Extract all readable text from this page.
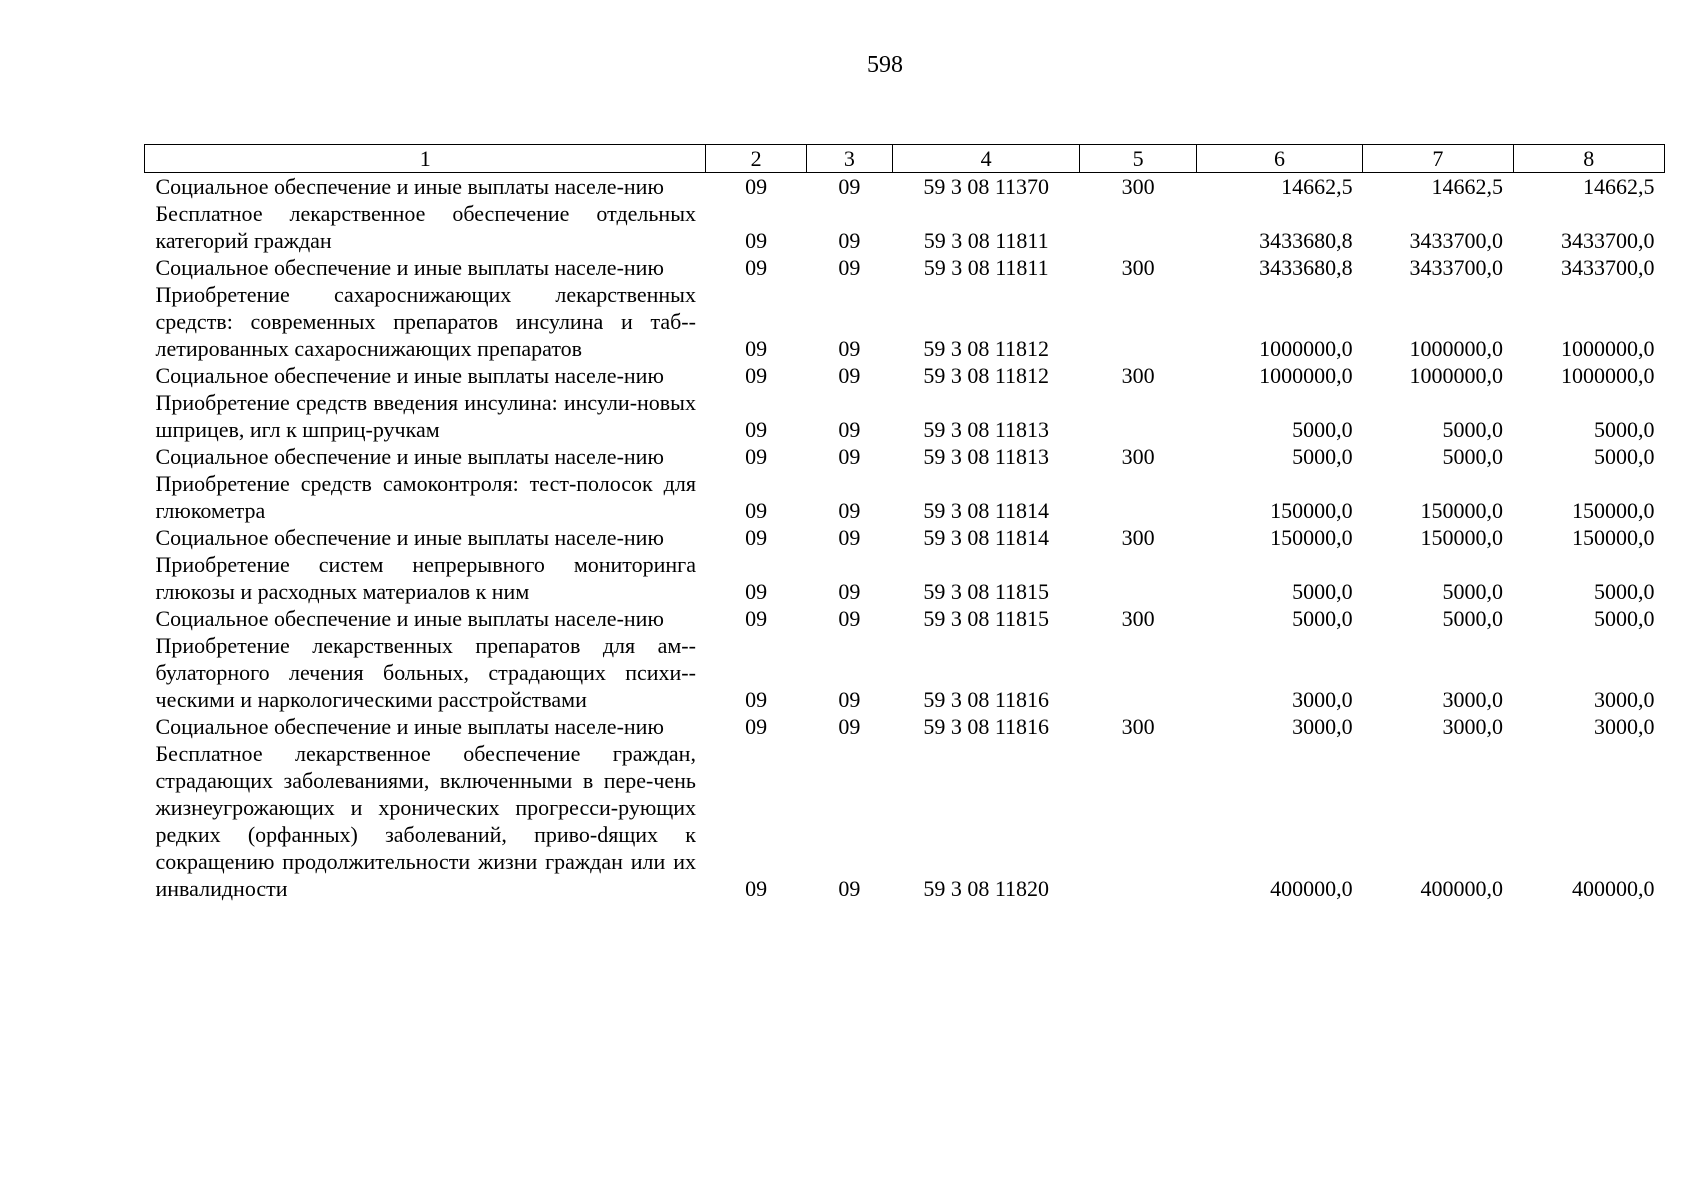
598
1	2	3	4	5	6	7	8
Социальное обеспечение и иные выплаты населе-нию	09	09	59 3 08 11370	300	14662,5	14662,5	14662,5
Бесплатное лекарственное обеспечение отдельных категорий граждан	09	09	59 3 08 11811		3433680,8	3433700,0	3433700,0
Социальное обеспечение и иные выплаты населе-нию	09	09	59 3 08 11811	300	3433680,8	3433700,0	3433700,0
Приобретение сахароснижающих лекарственных средств: современных препаратов инсулина и таб-летированных сахароснижающих препаратов	09	09	59 3 08 11812		1000000,0	1000000,0	1000000,0
Социальное обеспечение и иные выплаты населе-нию	09	09	59 3 08 11812	300	1000000,0	1000000,0	1000000,0
Приобретение средств введения инсулина: инсули-новых шприцев, игл к шприц-ручкам	09	09	59 3 08 11813		5000,0	5000,0	5000,0
Социальное обеспечение и иные выплаты населе-нию	09	09	59 3 08 11813	300	5000,0	5000,0	5000,0
Приобретение средств самоконтроля: тест-полосок для глюкометра	09	09	59 3 08 11814		150000,0	150000,0	150000,0
Социальное обеспечение и иные выплаты населе-нию	09	09	59 3 08 11814	300	150000,0	150000,0	150000,0
Приобретение систем непрерывного мониторинга глюкозы и расходных материалов к ним	09	09	59 3 08 11815		5000,0	5000,0	5000,0
Социальное обеспечение и иные выплаты населе-нию	09	09	59 3 08 11815	300	5000,0	5000,0	5000,0
Приобретение лекарственных препаратов для ам-булаторного лечения больных, страдающих психи-ческими и наркологическими расстройствами	09	09	59 3 08 11816		3000,0	3000,0	3000,0
Социальное обеспечение и иные выплаты населе-нию	09	09	59 3 08 11816	300	3000,0	3000,0	3000,0
Бесплатное лекарственное обеспечение граждан, страдающих заболеваниями, включенными в пере-чень жизнеугрожающих и хронических прогресси-рующих редких (орфанных) заболеваний, приво-dящих к сокращению продолжительности жизни граждан или их инвалидности	09	09	59 3 08 11820		400000,0	400000,0	400000,0
